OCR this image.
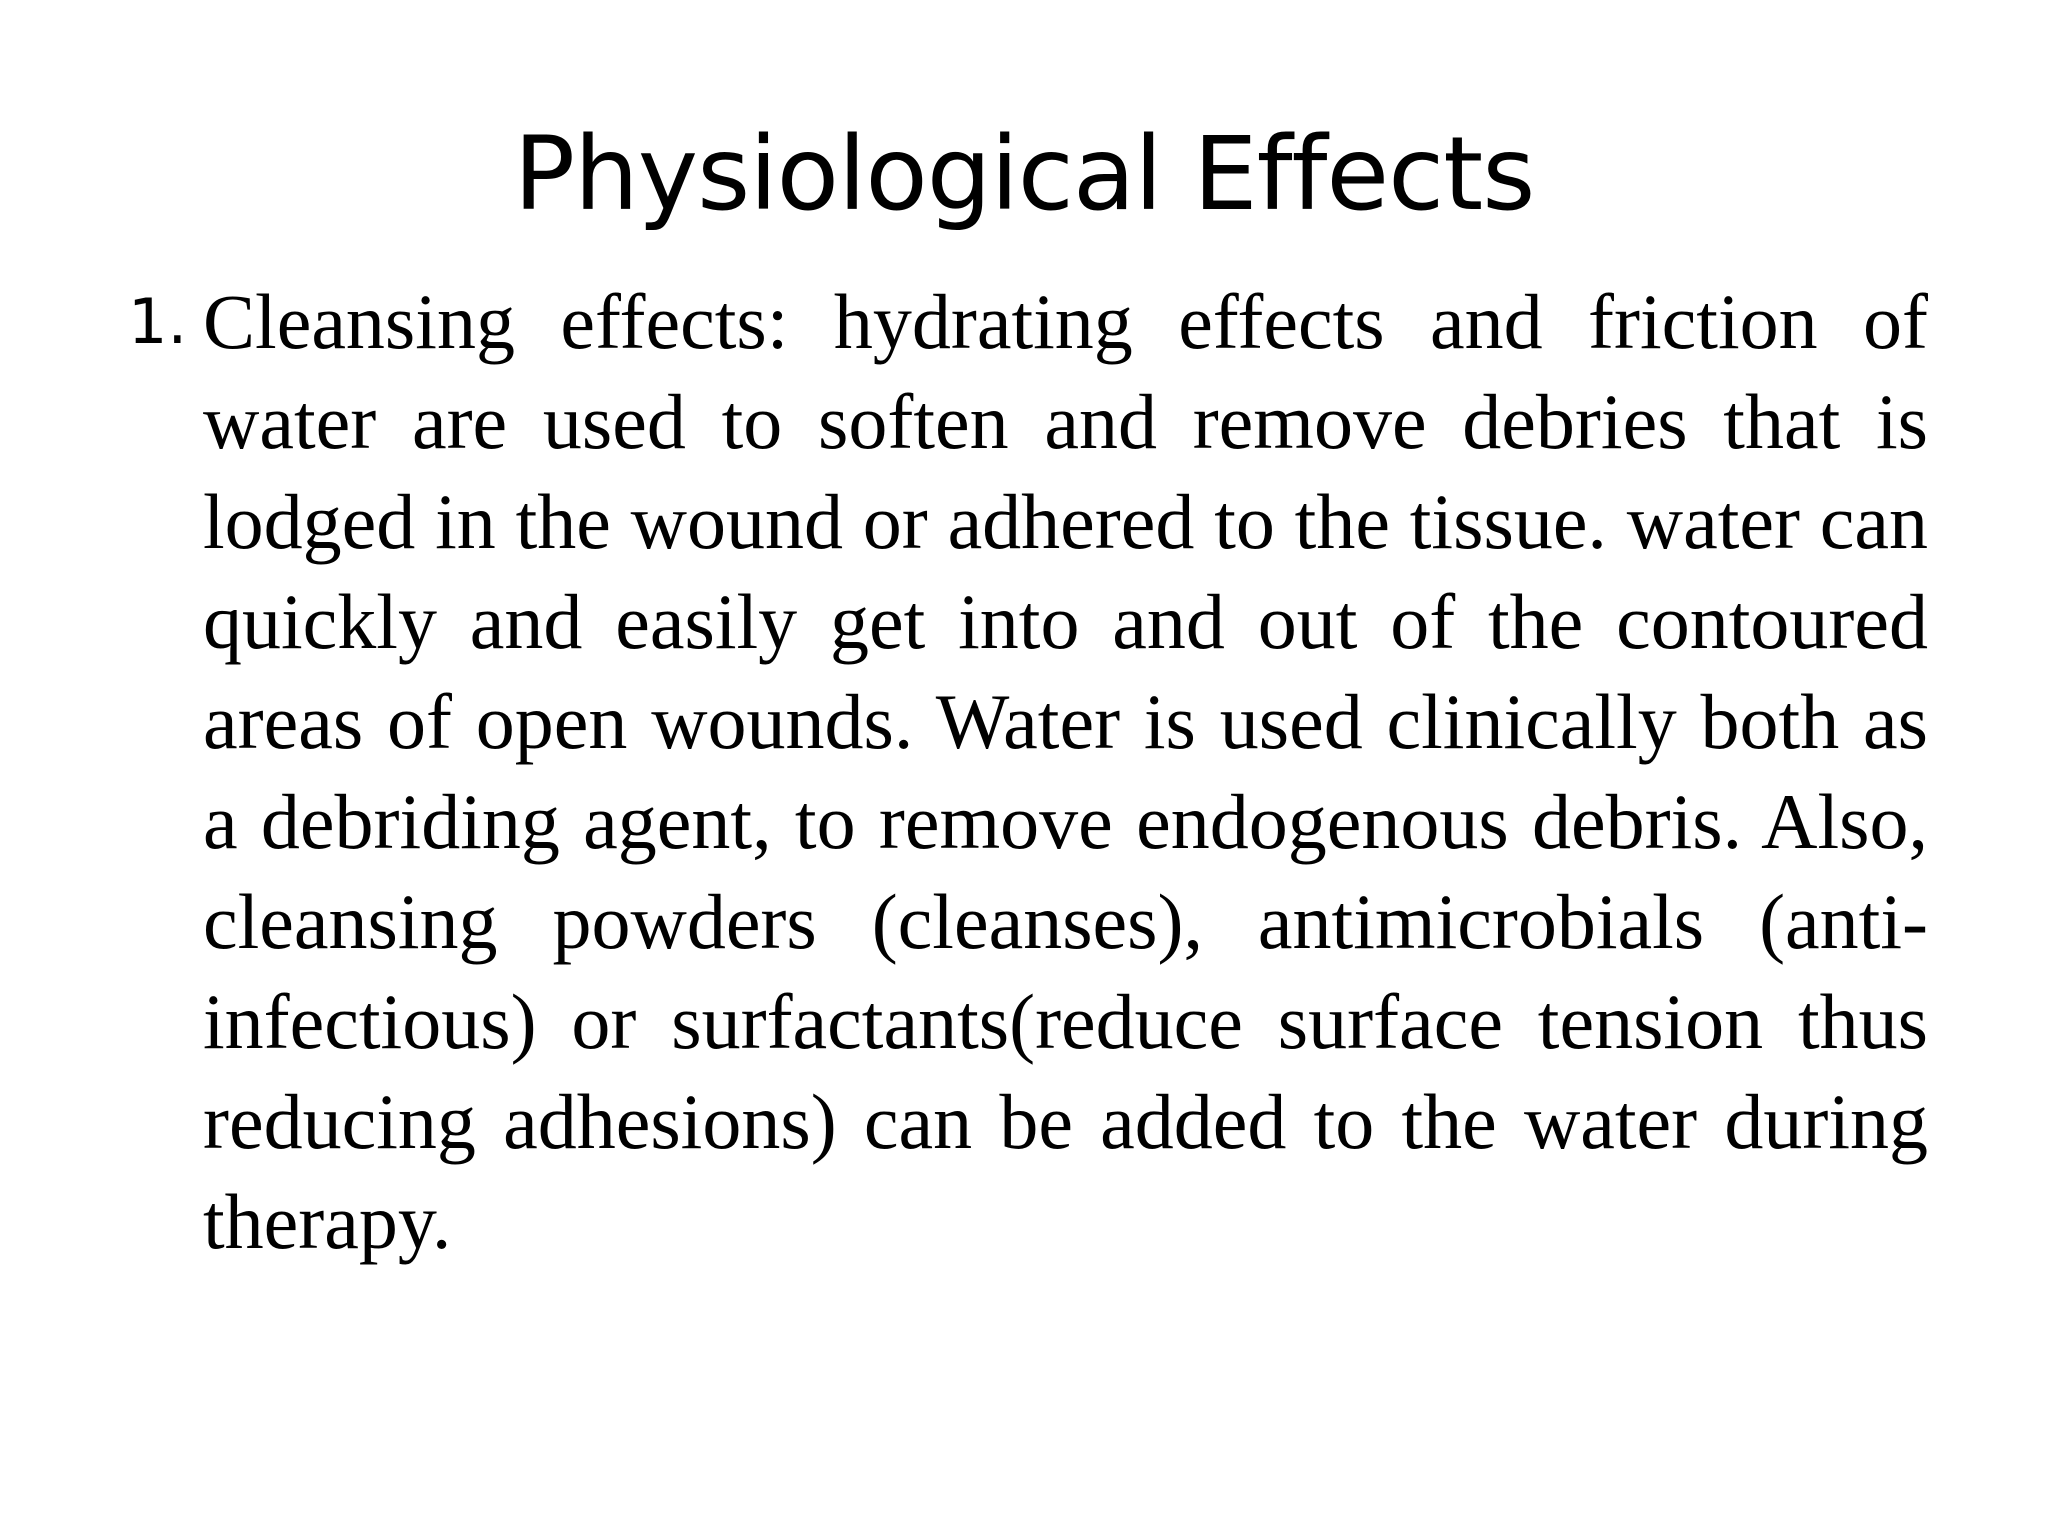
Physiological Effects
1. Cleansing effects: hydrating effects and friction of water are used to soften and remove debries that is lodged in the wound or adhered to the tissue. water can quickly and easily get into and out of the contoured areas of open wounds. Water is used clinically both as a debriding agent, to remove endogenous debris. Also, cleansing powders (cleanses), antimicrobials (anti-infectious) or surfactants(reduce surface tension thus reducing adhesions) can be added to the water during therapy.
